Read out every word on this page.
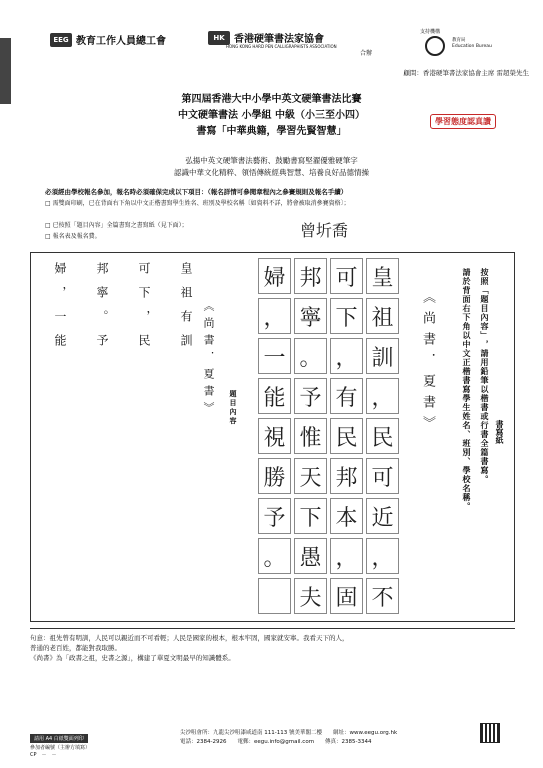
EEG 教育工作人員總工會	HK 香港硬筆書法家協會
HONG KONG HARD PEN CALLIGRAPHISTS ASSOCIATION
合辦
支持機構
教育局
Education Bureau
顧問：香港硬筆書法家協會主席 雷超榮先生
第四屆香港大中小學中英文硬筆書法比賽
中文硬筆書法 小學組 中級（小三至小四）
書寫「中華典籍，學習先賢智慧」
學習態度認真讚
弘揚中英文硬筆書法藝術、鼓勵書寫堅濯優雅硬筆字
認識中華文化精粹、領悟傳統經典智慧、培養良好品德情操
必須經由學校報名參加，報名時必須確保完成以下項目：（報名詳情可參閱章程內之參賽規則及報名手續）
□ 需雙面印刷，已在背面右下角以中文正楷書寫學生姓名、班別及學校名稱〔如資料不詳，將會被取消參賽資格〕；
□ 已按照「題目內容」全篇書寫之書寫紙（見下面）；
□ 報名表及報名費。	曾圻喬
皇祖有訓
可下，民
邦寧。予
婦，一能	《尚書．夏書》 題目內容
皇
祖
訓
，
民
可
近
，
不
可
下
，
有
民
邦
本
，
固
邦
寧
。
予
惟
天
下
愚
夫
婦
，
一
能
視
勝
予
。
《尚書．夏書》	按照「題目內容」，請用鉛筆以楷書或行書全篇書寫。
請於背面右下角以中文正楷書寫學生姓名、班別、學校名稱。	書寫紙
句意：祖先曾有明訓，人民可以親近而不可看輕；人民是國家的根本，根本牢固，國家就安寧。我看天下的人，
普通的老百姓，都能對我取勝。
《尚書》為「政書之祖，史書之源」，構建了華夏文明最早的知識體系。
請用 A4 白紙雙面列印
參加者編號（主辦方填寫）
CP　－　－
尖沙咀會所：九龍尖沙咀漆咸道南 111-113 號美華閣二樓　　網址：www.eegu.org.hk
電話：2384-2926　　電郵：eegu.info@gmail.com　　傳真：2385-3344
